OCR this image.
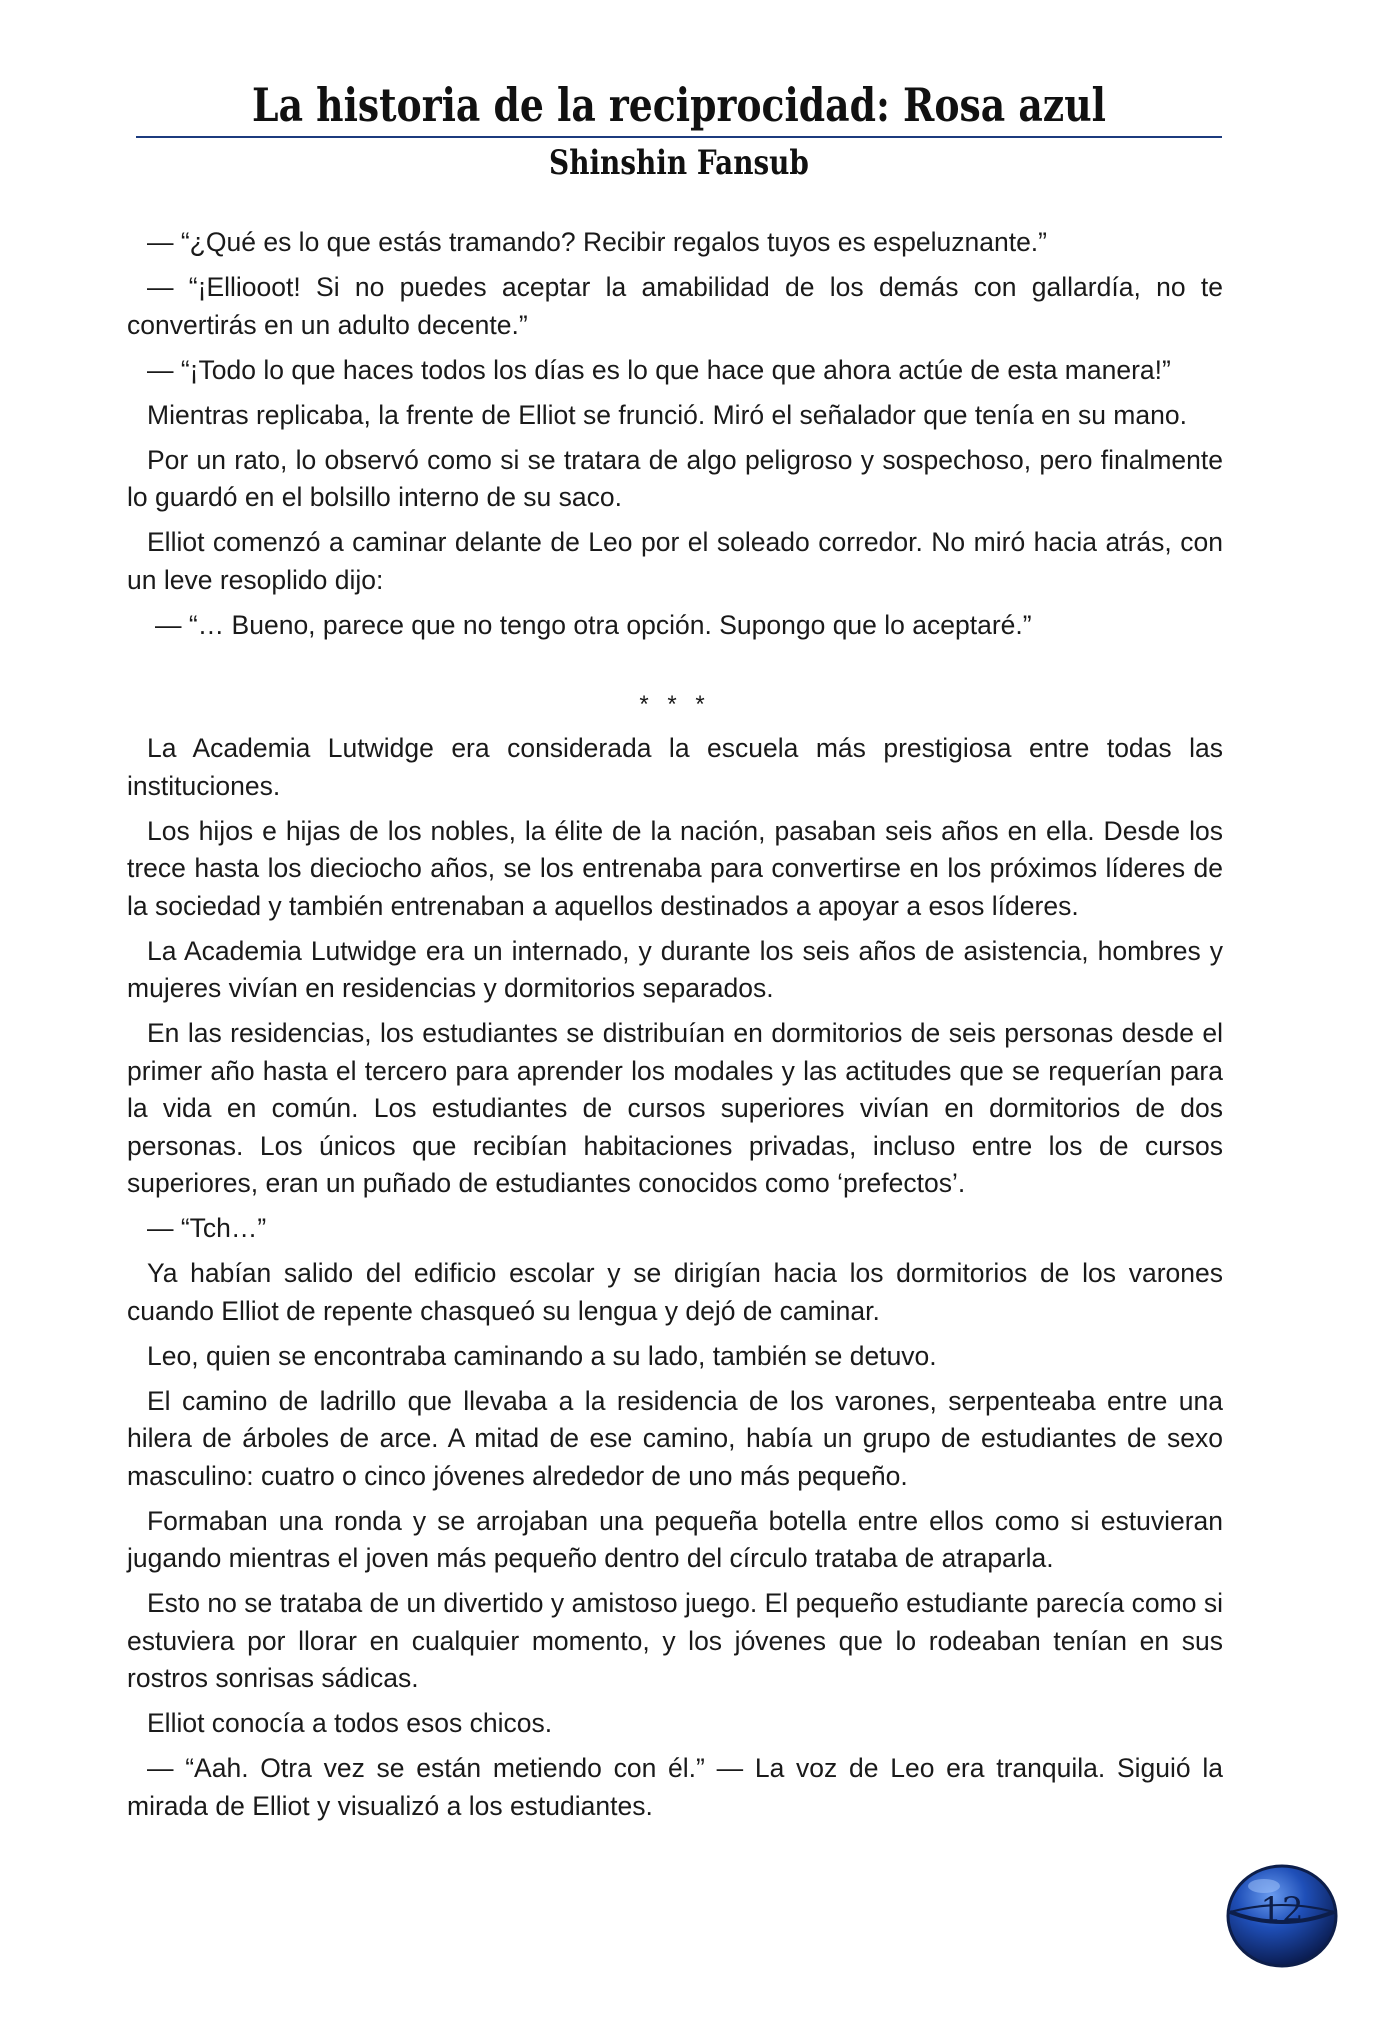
La historia de la reciprocidad: Rosa azul
Shinshin Fansub

— “¿Qué es lo que estás tramando? Recibir regalos tuyos es espeluznante.”

— “¡Elliooot! Si no puedes aceptar la amabilidad de los demás con gallardía, no te convertirás en un adulto decente.”

— “¡Todo lo que haces todos los días es lo que hace que ahora actúe de esta manera!”

Mientras replicaba, la frente de Elliot se frunció. Miró el señalador que tenía en su mano.

Por un rato, lo observó como si se tratara de algo peligroso y sospechoso, pero finalmente lo guardó en el bolsillo interno de su saco.

Elliot comenzó a caminar delante de Leo por el soleado corredor. No miró hacia atrás, con un leve resoplido dijo:

— “… Bueno, parece que no tengo otra opción. Supongo que lo aceptaré.”

* * *

La Academia Lutwidge era considerada la escuela más prestigiosa entre todas las instituciones.

Los hijos e hijas de los nobles, la élite de la nación, pasaban seis años en ella. Desde los trece hasta los dieciocho años, se los entrenaba para convertirse en los próximos líderes de la sociedad y también entrenaban a aquellos destinados a apoyar a esos líderes.

La Academia Lutwidge era un internado, y durante los seis años de asistencia, hombres y mujeres vivían en residencias y dormitorios separados.

En las residencias, los estudiantes se distribuían en dormitorios de seis personas desde el primer año hasta el tercero para aprender los modales y las actitudes que se requerían para la vida en común. Los estudiantes de cursos superiores vivían en dormitorios de dos personas. Los únicos que recibían habitaciones privadas, incluso entre los de cursos superiores, eran un puñado de estudiantes conocidos como ‘prefectos’.

— “Tch…”

Ya habían salido del edificio escolar y se dirigían hacia los dormitorios de los varones cuando Elliot de repente chasqueó su lengua y dejó de caminar.

Leo, quien se encontraba caminando a su lado, también se detuvo.

El camino de ladrillo que llevaba a la residencia de los varones, serpenteaba entre una hilera de árboles de arce. A mitad de ese camino, había un grupo de estudiantes de sexo masculino: cuatro o cinco jóvenes alrededor de uno más pequeño.

Formaban una ronda y se arrojaban una pequeña botella entre ellos como si estuvieran jugando mientras el joven más pequeño dentro del círculo trataba de atraparla.

Esto no se trataba de un divertido y amistoso juego. El pequeño estudiante parecía como si estuviera por llorar en cualquier momento, y los jóvenes que lo rodeaban tenían en sus rostros sonrisas sádicas.

Elliot conocía a todos esos chicos.

— “Aah. Otra vez se están metiendo con él.” — La voz de Leo era tranquila. Siguió la mirada de Elliot y visualizó a los estudiantes.

12
